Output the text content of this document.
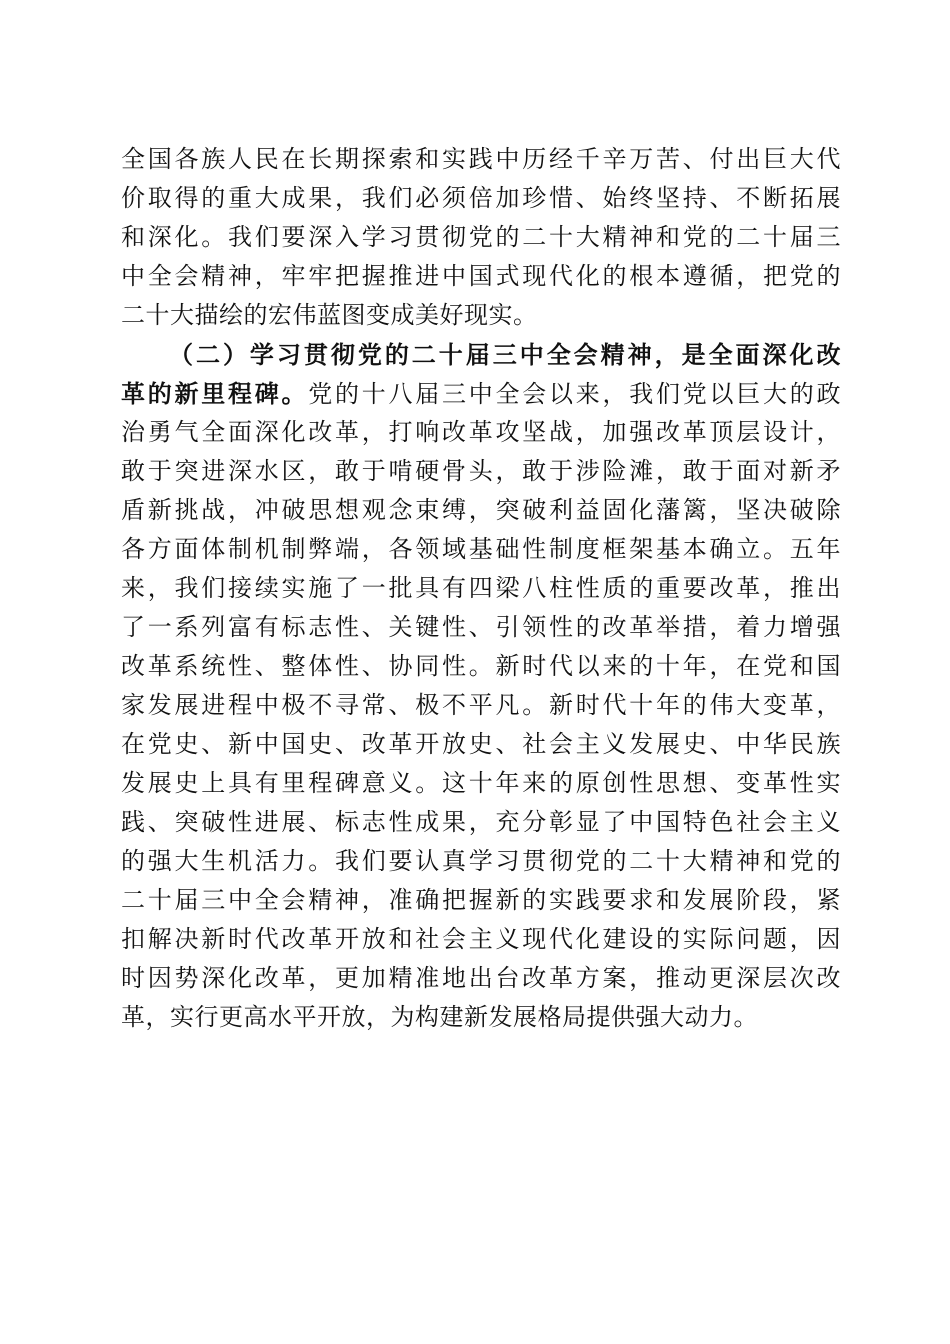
全国各族人民在长期探索和实践中历经千辛万苦、付出巨大代
价取得的重大成果，我们必须倍加珍惜、始终坚持、不断拓展
和深化。我们要深入学习贯彻党的二十大精神和党的二十届三
中全会精神，牢牢把握推进中国式现代化的根本遵循，把党的
二十大描绘的宏伟蓝图变成美好现实。
（二）学习贯彻党的二十届三中全会精神，是全面深化改
革的新里程碑。党的十八届三中全会以来，我们党以巨大的政
治勇气全面深化改革，打响改革攻坚战，加强改革顶层设计，
敢于突进深水区，敢于啃硬骨头，敢于涉险滩，敢于面对新矛
盾新挑战，冲破思想观念束缚，突破利益固化藩篱，坚决破除
各方面体制机制弊端，各领域基础性制度框架基本确立。五年
来，我们接续实施了一批具有四梁八柱性质的重要改革，推出
了一系列富有标志性、关键性、引领性的改革举措，着力增强
改革系统性、整体性、协同性。新时代以来的十年，在党和国
家发展进程中极不寻常、极不平凡。新时代十年的伟大变革，
在党史、新中国史、改革开放史、社会主义发展史、中华民族
发展史上具有里程碑意义。这十年来的原创性思想、变革性实
践、突破性进展、标志性成果，充分彰显了中国特色社会主义
的强大生机活力。我们要认真学习贯彻党的二十大精神和党的
二十届三中全会精神，准确把握新的实践要求和发展阶段，紧
扣解决新时代改革开放和社会主义现代化建设的实际问题，因
时因势深化改革，更加精准地出台改革方案，推动更深层次改
革，实行更高水平开放，为构建新发展格局提供强大动力。
